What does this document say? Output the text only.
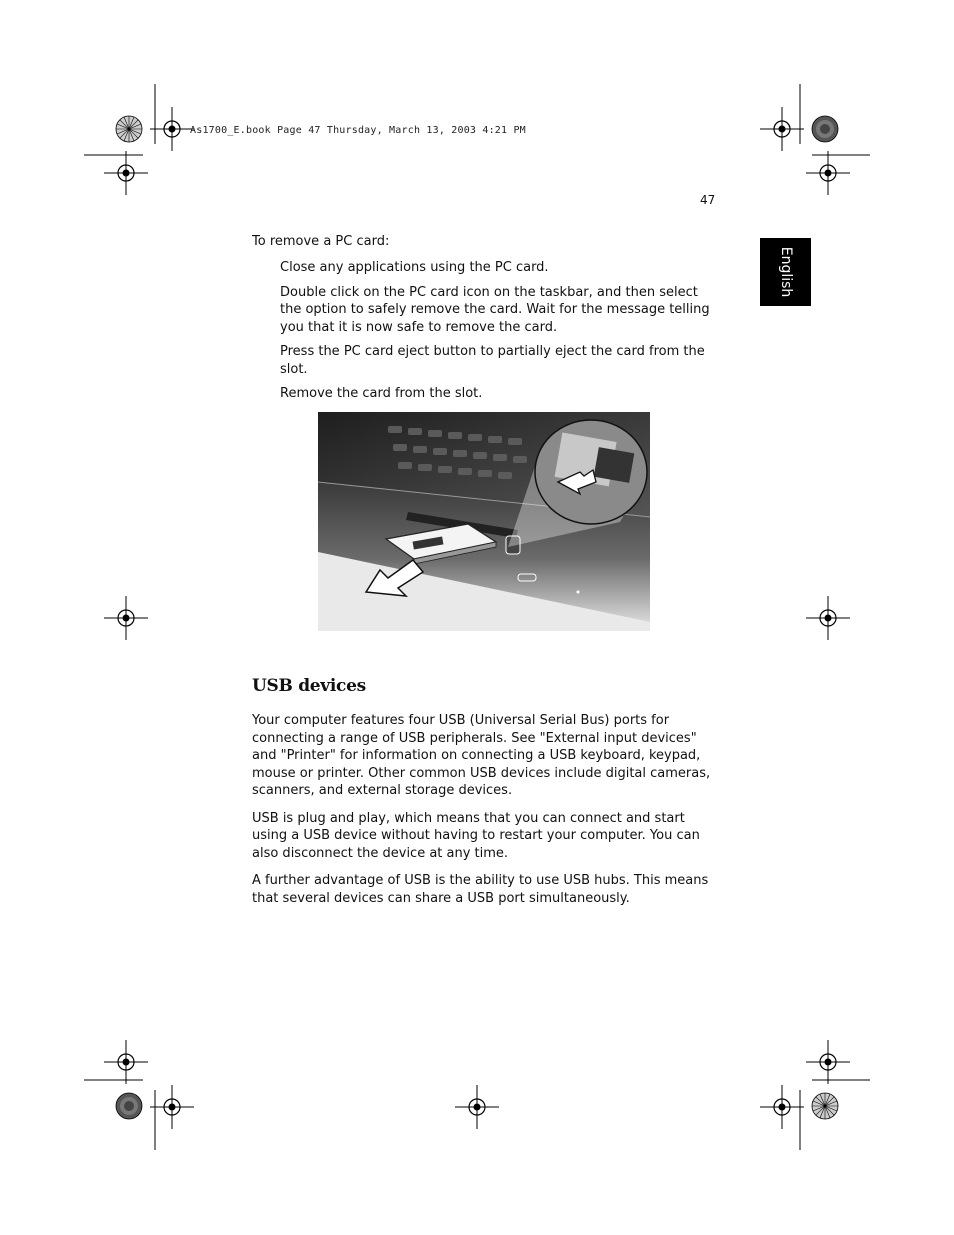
As1700_E.book Page 47 Thursday, March 13, 2003 4:21 PM
47
English
To remove a PC card:

Close any applications using the PC card.

Double click on the PC card icon on the taskbar, and then select the option to safely remove the card. Wait for the message telling you that it is now safe to remove the card.

Press the PC card eject button to partially eject the card from the slot.

Remove the card from the slot.

USB devices

Your computer features four USB (Universal Serial Bus) ports for connecting a range of USB peripherals. See "External input devices" and "Printer" for information on connecting a USB keyboard, keypad, mouse or printer. Other common USB devices include digital cameras, scanners, and external storage devices.

USB is plug and play, which means that you can connect and start using a USB device without having to restart your computer. You can also disconnect the device at any time.

A further advantage of USB is the ability to use USB hubs. This means that several devices can share a USB port simultaneously.
